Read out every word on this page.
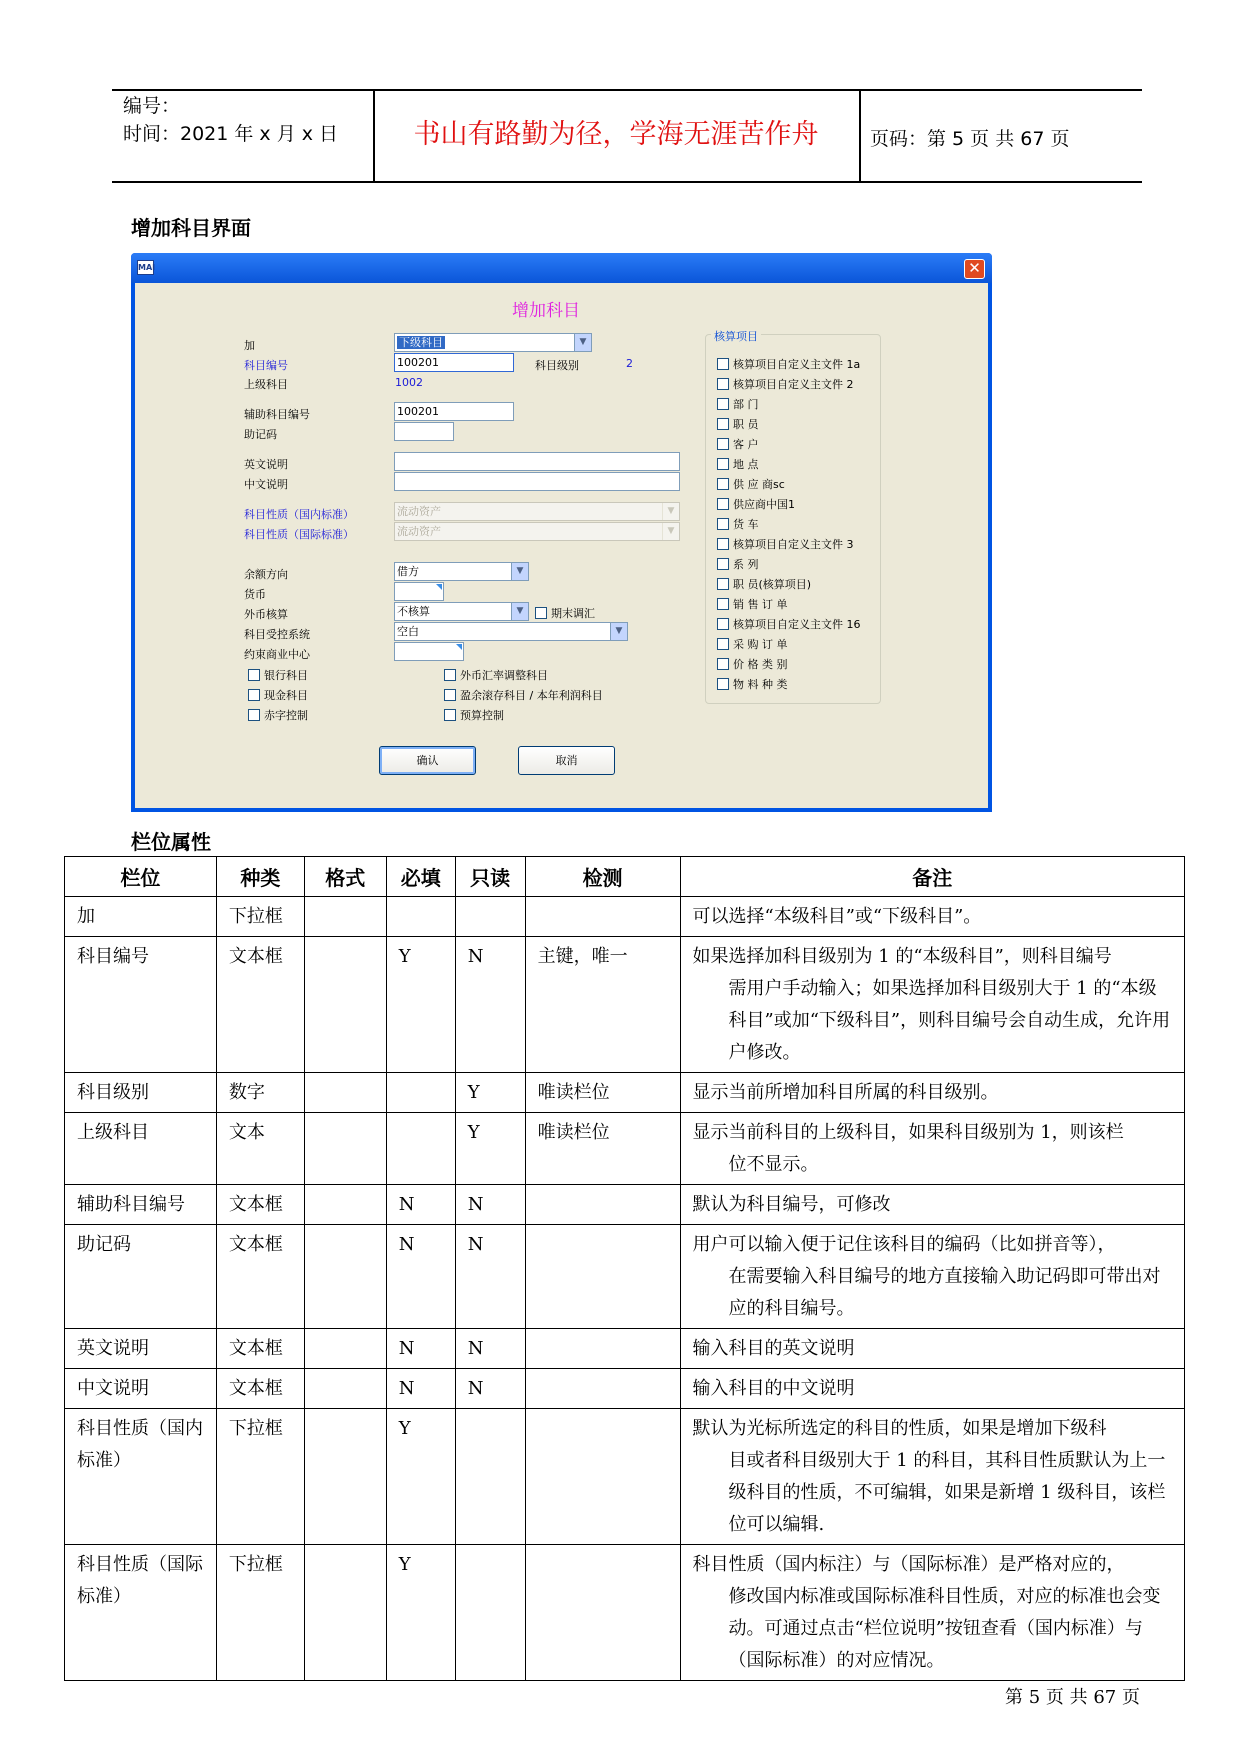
编号：
时间：2021 年 x 月 x 日	书山有路勤为径，学海无涯苦作舟	页码：第 5 页 共 67 页
增加科目界面
MAI	✕
增加科目
加	下级科目	▼
科目编号	100201	科目级别	2
上级科目	1002
辅助科目编号	100201
助记码
英文说明
中文说明
科目性质（国内标准）	流动资产	▼
科目性质（国际标准）	流动资产	▼
余额方向	借方	▼
货币
外币核算	不核算	▼	期末调汇
科目受控系统	空白	▼
约束商业中心
银行科目
现金科目
赤字控制
外币汇率调整科目
盈余滚存科目 / 本年利润科目
预算控制
核算项目
核算项目自定义主文件 1a
核算项目自定义主文件 2
部 门
职 员
客 户
地 点
供 应 商sc
供应商中国1
货 车
核算项目自定义主文件 3
系 列
职 员(核算项目)
销 售 订 单
核算项目自定义主文件 16
采 购 订 单
价 格 类 别
物 料 种 类
确认	取消
栏位属性
栏位	种类	格式	必填	只读	检测	备注
加	下拉框					可以选择“本级科目”或“下级科目”。
科目编号	文本框		Y	N	主键，唯一	如果选择加科目级别为 1 的“本级科目”，则科目编号
需用户手动输入；如果选择加科目级别大于 1 的“本级科目”或加“下级科目”，则科目编号会自动生成，允许用户修改。

科目级别	数字			Y	唯读栏位	显示当前所增加科目所属的科目级别。
上级科目	文本			Y	唯读栏位	显示当前科目的上级科目，如果科目级别为 1，则该栏
位不显示。

辅助科目编号	文本框		N	N		默认为科目编号，可修改
助记码	文本框		N	N		用户可以输入便于记住该科目的编码（比如拼音等），
在需要输入科目编号的地方直接输入助记码即可带出对应的科目编号。

英文说明	文本框		N	N		输入科目的英文说明
中文说明	文本框		N	N		输入科目的中文说明
科目性质（国内标准）	下拉框		Y			默认为光标所选定的科目的性质，如果是增加下级科
目或者科目级别大于 1 的科目，其科目性质默认为上一级科目的性质，不可编辑，如果是新增 1 级科目，该栏位可以编辑.

科目性质（国际标准）	下拉框		Y			科目性质（国内标注）与（国际标准）是严格对应的，
修改国内标准或国际标准科目性质，对应的标准也会变动。可通过点击“栏位说明”按钮查看（国内标准）与（国际标准）的对应情况。
第 5 页 共 67 页
